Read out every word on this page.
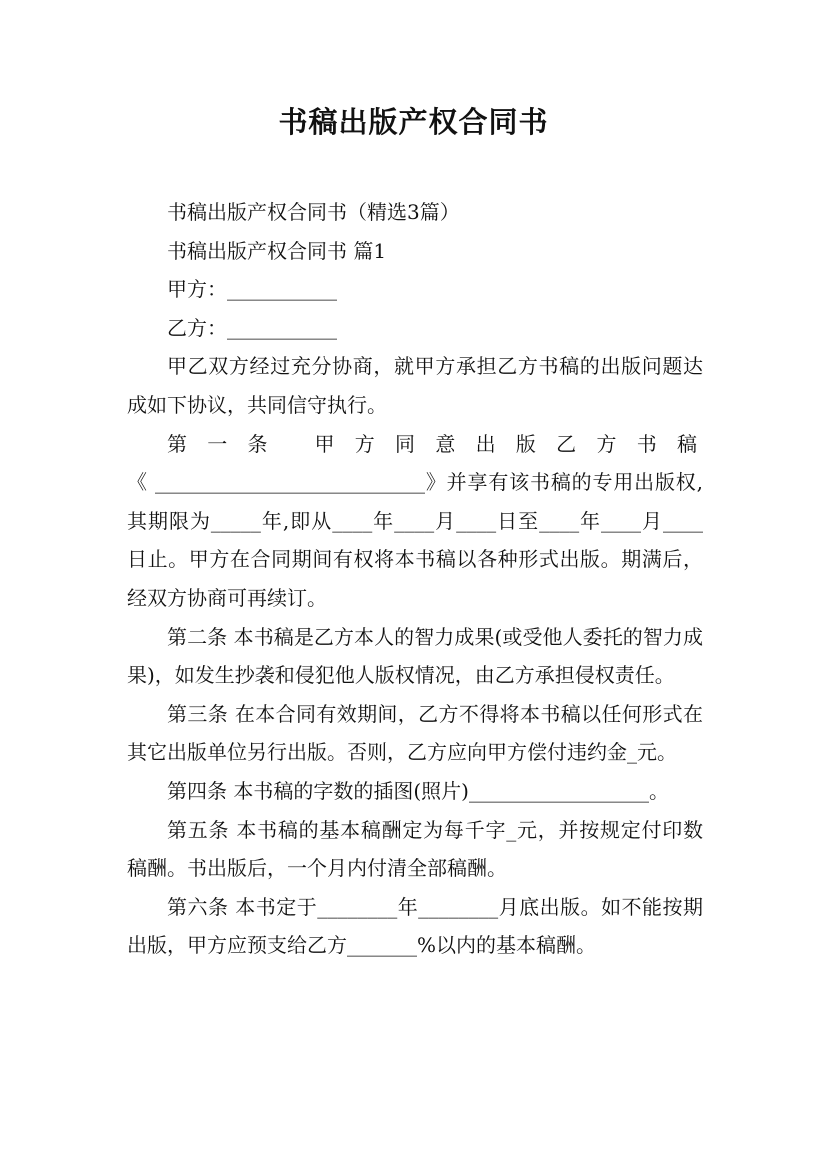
书稿出版产权合同书

书稿出版产权合同书（精选3篇）

书稿出版产权合同书 篇1

甲方：___________

乙方：___________

甲乙双方经过充分协商，就甲方承担乙方书稿的出版问题达成如下协议，共同信守执行。

第一条 甲方同意出版乙方书稿

《 ___________________________》并享有该书稿的专用出版权,其期限为_____年,即从____年____月____日至____年____月____日止。甲方在合同期间有权将本书稿以各种形式出版。期满后，经双方协商可再续订。

第二条 本书稿是乙方本人的智力成果(或受他人委托的智力成果)，如发生抄袭和侵犯他人版权情况，由乙方承担侵权责任。

第三条 在本合同有效期间，乙方不得将本书稿以任何形式在其它出版单位另行出版。否则，乙方应向甲方偿付违约金_元。

第四条 本书稿的字数的插图(照片)__________________。

第五条 本书稿的基本稿酬定为每千字_元，并按规定付印数稿酬。书出版后，一个月内付清全部稿酬。

第六条 本书定于________年________月底出版。如不能按期出版，甲方应预支给乙方_______%以内的基本稿酬。
